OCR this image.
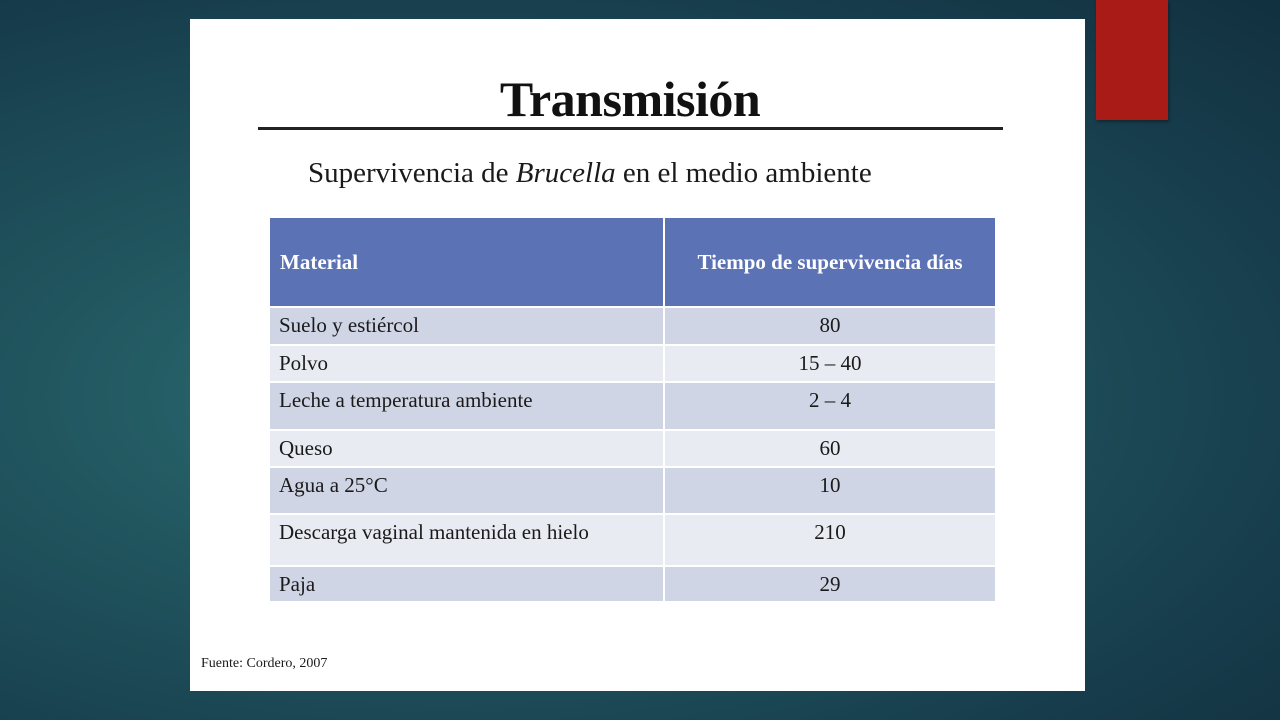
Transmisión
Supervivencia de Brucella en el medio ambiente
Material	Tiempo de supervivencia días
Suelo y estiércol	80
Polvo	15 – 40
Leche a temperatura ambiente	2 – 4
Queso	60
Agua a 25°C	10
Descarga vaginal mantenida en hielo	210
Paja	29
Fuente: Cordero, 2007
